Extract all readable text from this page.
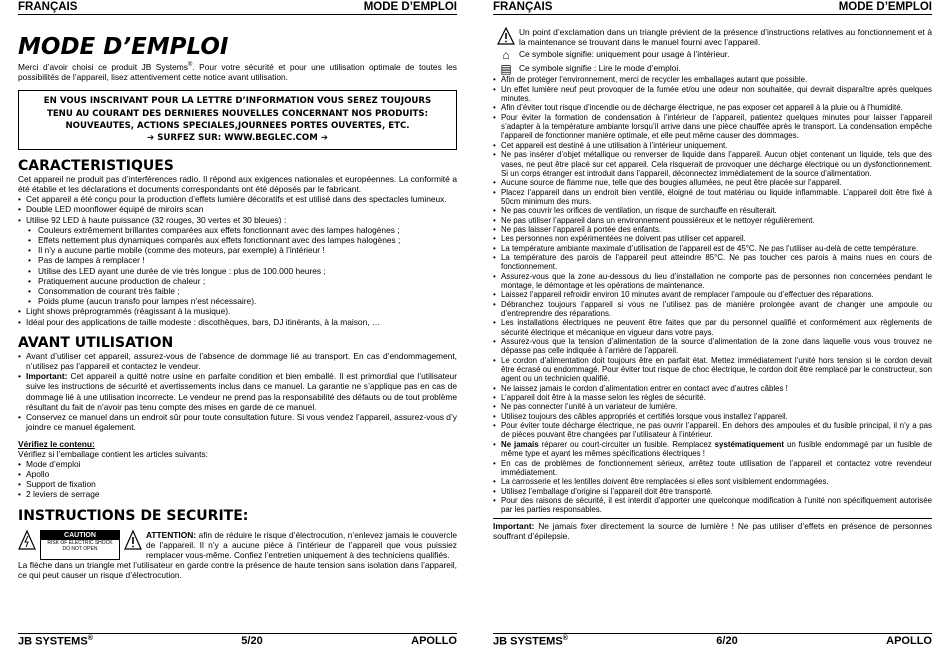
FRANÇAIS	MODE D’EMPLOI
MODE D’EMPLOI

Merci d’avoir choisi ce produit JB Systems®. Pour votre sécurité et pour une utilisation optimale de toutes les possibilités de l’appareil, lisez attentivement cette notice avant utilisation.

EN VOUS INSCRIVANT POUR LA LETTRE D’INFORMATION VOUS SEREZ TOUJOURS
TENU AU COURANT DES DERNIERES NOUVELLES CONCERNANT NOS PRODUITS:
NOUVEAUTES, ACTIONS SPECIALES,JOURNEES PORTES OUVERTES, ETC.
➔ SURFEZ SUR: WWW.BEGLEC.COM ➔
CARACTERISTIQUES

Cet appareil ne produit pas d’interférences radio. Il répond aux exigences nationales et européennes. La conformité a été établie et les déclarations et documents correspondants ont été déposés par le fabricant.

• Cet appareil a été conçu pour la production d’effets lumière décoratifs et est utilisé dans des spectacles lumineux.
• Double LED moonflower équipé de miroirs scan
• Utilise 92 LED à haute puissance (32 rouges, 30 vertes et 30 bleues) :
• Couleurs extrêmement brillantes comparées aux effets fonctionnant avec des lampes halogènes ;
• Effets nettement plus dynamiques comparés aux effets fonctionnant avec des lampes halogènes ;
• Il n’y a aucune partie mobile (comme des moteurs, par exemple) à l’intérieur !
• Pas de lampes à remplacer !
• Utilise des LED ayant une durée de vie très longue : plus de 100.000 heures ;
• Pratiquement aucune production de chaleur ;
• Consommation de courant très faible ;
• Poids plume (aucun transfo pour lampes n’est nécessaire).
• Light shows préprogrammés (réagissant à la musique).
• Idéal pour des applications de taille modeste : discothèques, bars, DJ itinérants, à la maison, …
AVANT UTILISATION
• Avant d’utiliser cet appareil, assurez-vous de l’absence de dommage lié au transport. En cas d’endommagement, n’utilisez pas l’appareil et contactez le vendeur.
• Important: Cet appareil a quitté notre usine en parfaite condition et bien emballé. Il est primordial que l’utilisateur suive les instructions de sécurité et avertissements inclus dans ce manuel. La garantie ne s’applique pas en cas de dommage lié à une utilisation incorrecte. Le vendeur ne prend pas la responsabilité des défauts ou de tout problème résultant du fait de n’avoir pas tenu compte des mises en garde de ce manuel.
• Conservez ce manuel dans un endroit sûr pour toute consultation future. Si vous vendez l’appareil, assurez-vous d’y joindre ce manuel également.
Vérifiez le contenu:

Vérifiez si l’emballage contient les articles suivants:

• Mode d’emploi
• Apollo
• Support de fixation
• 2 leviers de serrage
INSTRUCTIONS DE SECURITE:
CAUTION
RISK OF ELECTRIC SHOCK
DO NOT OPEN

ATTENTION: afin de réduire le risque d’électrocution, n’enlevez jamais le couvercle de l’appareil. Il n’y a aucune pièce à l’intérieur de l’appareil que vous puissiez remplacer vous-même. Confiez l’entretien uniquement à des techniciens qualifiés.

La flèche dans un triangle met l’utilisateur en garde contre la présence de haute tension sans isolation dans l’appareil, ce qui peut causer un risque d’électrocution.

JB SYSTEMS®	5/20	APOLLO
FRANÇAIS	MODE D’EMPLOI

Un point d’exclamation dans un triangle prévient de la présence d’instructions relatives au fonctionnement et à la maintenance se trouvant dans le manuel fourni avec l’appareil.

⌂	Ce symbole signifie: uniquement pour usage à l’intérieur.

▤ Ce symbole signifie : Lire le mode d’emploi.

• Afin de protéger l’environnement, merci de recycler les emballages autant que possible.
• Un effet lumière neuf peut provoquer de la fumée et/ou une odeur non souhaitée, qui devrait disparaître après quelques minutes.
• Afin d’éviter tout risque d’incendie ou de décharge électrique, ne pas exposer cet appareil à la pluie ou à l’humidité.
• Pour éviter la formation de condensation à l’intérieur de l’appareil, patientez quelques minutes pour laisser l’appareil s’adapter à la température ambiante lorsqu’il arrive dans une pièce chauffée après le transport. La condensation empêche l’appareil de fonctionner manière optimale, et elle peut même causer des dommages.
• Cet appareil est destiné à une utilisation à l’intérieur uniquement.
• Ne pas insérer d’objet métallique ou renverser de liquide dans l’appareil. Aucun objet contenant un liquide, tels que des vases, ne peut être placé sur cet appareil. Cela risquerait de provoquer une décharge électrique ou un dysfonctionnement. Si un corps étranger est introduit dans l’appareil, déconnectez immédiatement de la source d’alimentation.
• Aucune source de flamme nue, telle que des bougies allumées, ne peut être placée sur l’appareil.
• Placez l’appareil dans un endroit bien ventilé, éloigné de tout matériau ou liquide inflammable. L’appareil doit être fixé à 50cm minimum des murs.
• Ne pas couvrir les orifices de ventilation, un risque de surchauffe en résulterait.
• Ne pas utiliser l’appareil dans un environnement poussiéreux et le nettoyer régulièrement.
• Ne pas laisser l’appareil à portée des enfants.
• Les personnes non expérimentées ne doivent pas utiliser cet appareil.
• La température ambiante maximale d’utilisation de l’appareil est de 45°C. Ne pas l’utiliser au-delà de cette température.
• La température des parois de l’appareil peut atteindre 85°C. Ne pas toucher ces parois à mains nues en cours de fonctionnement.
• Assurez-vous que la zone au-dessous du lieu d’installation ne comporte pas de personnes non concernées pendant le montage, le démontage et les opérations de maintenance.
• Laissez l’appareil refroidir environ 10 minutes avant de remplacer l’ampoule ou d’effectuer des réparations.
• Débranchez toujours l’appareil si vous ne l’utilisez pas de manière prolongée avant de changer une ampoule ou d’entreprendre des réparations.
• Les installations électriques ne peuvent être faites que par du personnel qualifié et conformément aux règlements de sécurité électrique et mécanique en vigueur dans votre pays.
• Assurez-vous que la tension d’alimentation de la source d’alimentation de la zone dans laquelle vous vous trouvez ne dépasse pas celle indiquée à l’arrière de l’appareil.
• Le cordon d’alimentation doit toujours être en parfait état. Mettez immédiatement l’unité hors tension si le cordon devait être écrasé ou endommagé. Pour éviter tout risque de choc électrique, le cordon doit être remplacé par le constructeur, son agent ou un technicien qualifié.
• Ne laissez jamais le cordon d’alimentation entrer en contact avec d’autres câbles !
• L’appareil doit être à la masse selon les règles de sécurité.
• Ne pas connecter l’unité à un variateur de lumière.
• Utilisez toujours des câbles appropriés et certifiés lorsque vous installez l’appareil.
• Pour éviter toute décharge électrique, ne pas ouvrir l’appareil. En dehors des ampoules et du fusible principal, il n’y a pas de pièces pouvant être changées par l’utilisateur à l’intérieur.
• Ne jamais réparer ou court-circuiter un fusible. Remplacez systématiquement un fusible endommagé par un fusible de même type et ayant les mêmes spécifications électriques !
• En cas de problèmes de fonctionnement sérieux, arrêtez toute utilisation de l’appareil et contactez votre revendeur immédiatement.
• La carrosserie et les lentilles doivent être remplacées si elles sont visiblement endommagées.
• Utilisez l’emballage d’origine si l’appareil doit être transporté.
• Pour des raisons de sécurité, il est interdit d’apporter une quelconque modification à l’unité non spécifiquement autorisée par les parties responsables.

Important: Ne jamais fixer directement la source de lumière ! Ne pas utiliser d’effets en présence de personnes souffrant d’épilepsie.

JB SYSTEMS®	6/20	APOLLO
